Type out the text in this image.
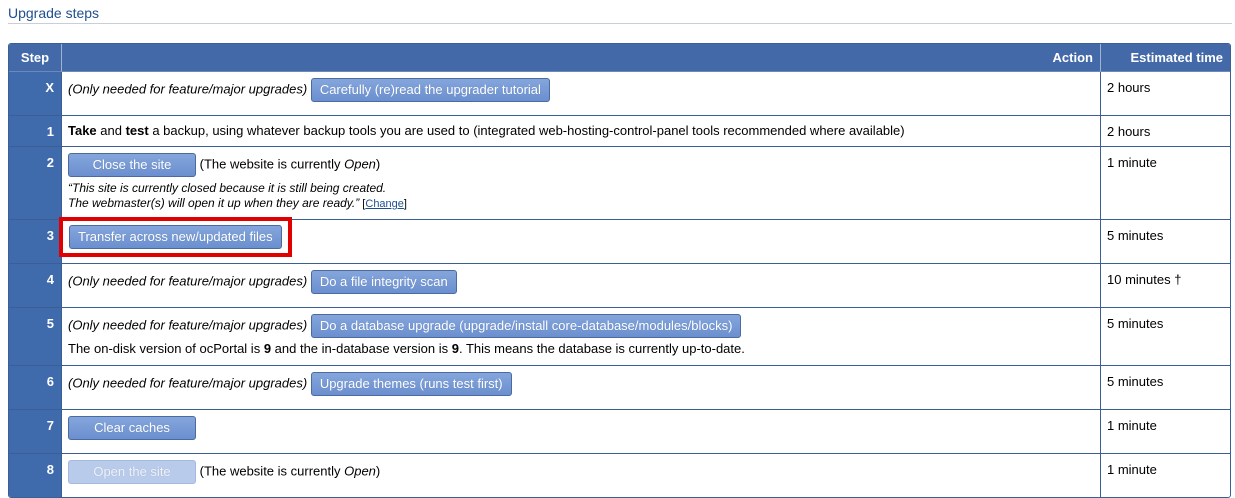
Upgrade steps
Step	Action	Estimated time
X	(Only needed for feature/major upgrades) Carefully (re)read the upgrader tutorial	2 hours
1	Take and test a backup, using whatever backup tools you are used to (integrated web-hosting-control-panel tools recommended where available)	2 hours
2	Close the site (The website is currently Open)
“This site is currently closed because it is still being created.
The webmaster(s) will open it up when they are ready.” [Change]	1 minute
3	Transfer across new/updated files	5 minutes
4	(Only needed for feature/major upgrades) Do a file integrity scan	10 minutes †
5	(Only needed for feature/major upgrades) Do a database upgrade (upgrade/install core-database/modules/blocks)
The on-disk version of ocPortal is 9 and the in-database version is 9. This means the database is currently up-to-date.	5 minutes
6	(Only needed for feature/major upgrades) Upgrade themes (runs test first)	5 minutes
7	Clear caches	1 minute
8	Open the site (The website is currently Open)	1 minute
